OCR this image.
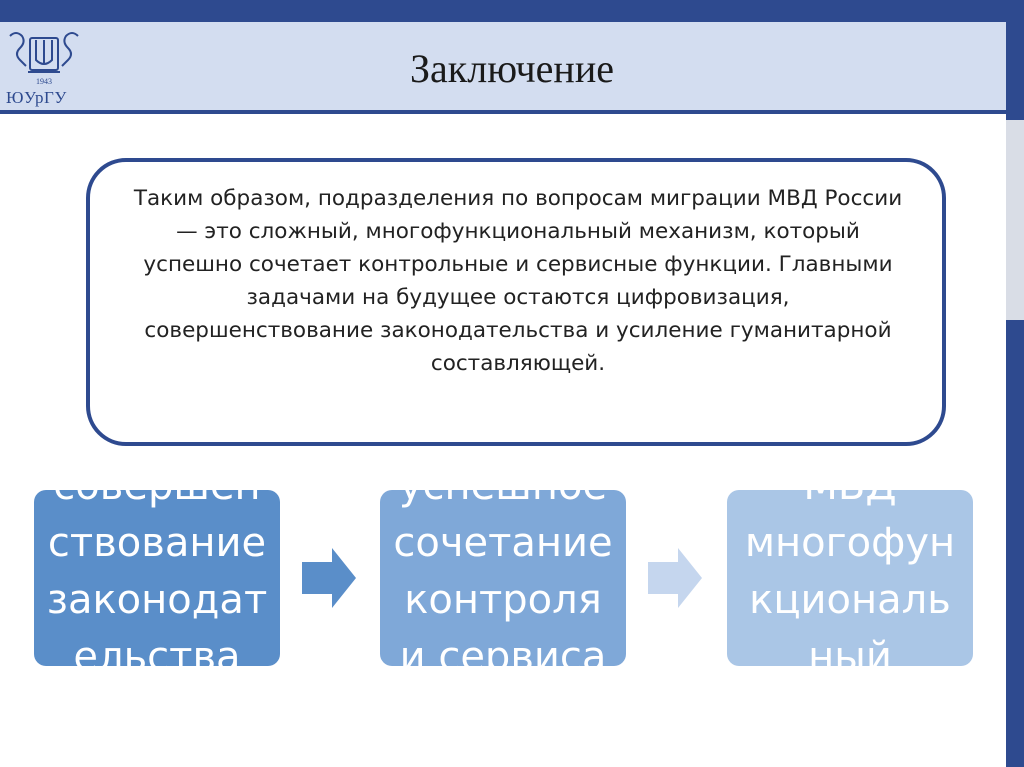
1943
ЮУрГУ
Заключение
совершен
ствование
законодат
ельства
успешное
сочетание
контроля
и сервиса
МВД
многофун
кциональ
ный
Таким образом, подразделения по вопросам миграции МВД России — это сложный, многофункциональный механизм, который успешно сочетает контрольные и сервисные функции. Главными задачами на будущее остаются цифровизация, совершенствование законодательства и усиление гуманитарной составляющей.
